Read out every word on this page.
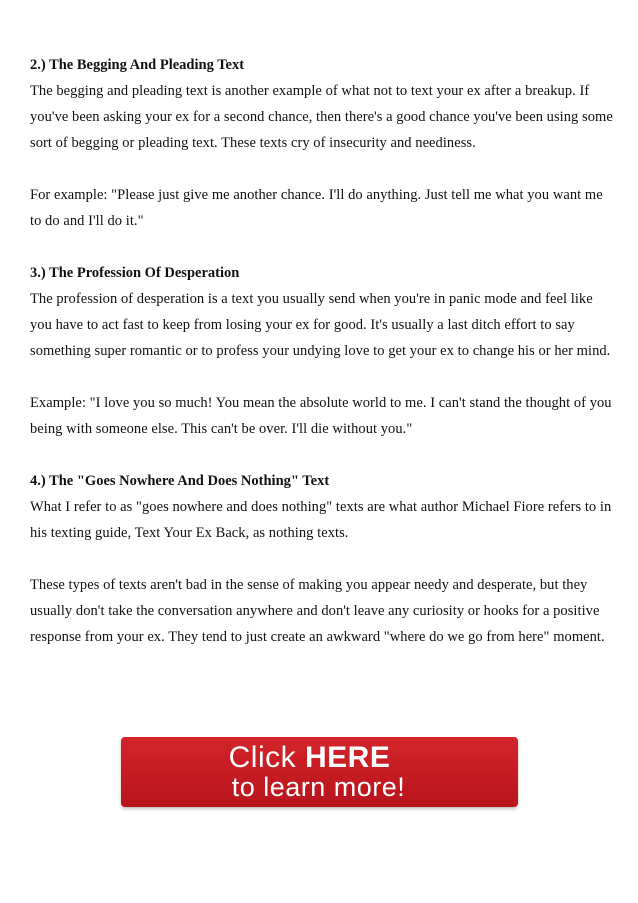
2.) The Begging And Pleading Text

The begging and pleading text is another example of what not to text your ex after a breakup. If you've been asking your ex for a second chance, then there's a good chance you've been using some sort of begging or pleading text. These texts cry of insecurity and neediness.

For example: "Please just give me another chance. I'll do anything. Just tell me what you want me to do and I'll do it."

3.) The Profession Of Desperation

The profession of desperation is a text you usually send when you're in panic mode and feel like you have to act fast to keep from losing your ex for good. It's usually a last ditch effort to say something super romantic or to profess your undying love to get your ex to change his or her mind.

Example: "I love you so much! You mean the absolute world to me. I can't stand the thought of you being with someone else. This can't be over. I'll die without you."

4.) The "Goes Nowhere And Does Nothing" Text

What I refer to as "goes nowhere and does nothing" texts are what author Michael Fiore refers to in his texting guide, Text Your Ex Back, as nothing texts.

These types of texts aren't bad in the sense of making you appear needy and desperate, but they usually don't take the conversation anywhere and don't leave any curiosity or hooks for a positive response from your ex. They tend to just create an awkward "where do we go from here" moment.

Click HERE
to learn more!
